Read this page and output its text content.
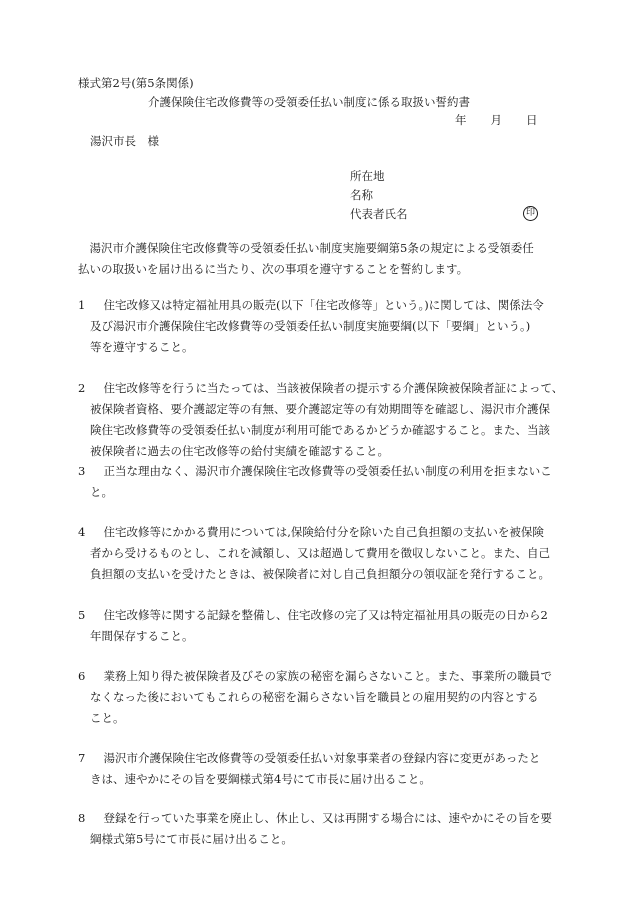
様式第2号(第5条関係)
介護保険住宅改修費等の受領委任払い制度に係る取扱い誓約書
年 月 日
湯沢市長　様
所在地
名称
代表者氏名	印
　湯沢市介護保険住宅改修費等の受領委任払い制度実施要綱第5条の規定による受領委任
払いの取扱いを届け出るに当たり、次の事項を遵守することを誓約します。
1　住宅改修又は特定福祉用具の販売(以下「住宅改修等」という。)に関しては、関係法令
及び湯沢市介護保険住宅改修費等の受領委任払い制度実施要綱(以下「要綱」という。)
等を遵守すること。
2　住宅改修等を行うに当たっては、当該被保険者の提示する介護保険被保険者証によって、
被保険者資格、要介護認定等の有無、要介護認定等の有効期間等を確認し、湯沢市介護保
険住宅改修費等の受領委任払い制度が利用可能であるかどうか確認すること。また、当該
被保険者に過去の住宅改修等の給付実績を確認すること。
3　正当な理由なく、湯沢市介護保険住宅改修費等の受領委任払い制度の利用を拒まないこ
と。
4　住宅改修等にかかる費用については,保険給付分を除いた自己負担額の支払いを被保険
者から受けるものとし、これを減額し、又は超過して費用を徴収しないこと。また、自己
負担額の支払いを受けたときは、被保険者に対し自己負担額分の領収証を発行すること。
5　住宅改修等に関する記録を整備し、住宅改修の完了又は特定福祉用具の販売の日から2
年間保存すること。
6　業務上知り得た被保険者及びその家族の秘密を漏らさないこと。また、事業所の職員で
なくなった後においてもこれらの秘密を漏らさない旨を職員との雇用契約の内容とする
こと。
7　湯沢市介護保険住宅改修費等の受領委任払い対象事業者の登録内容に変更があったと
きは、速やかにその旨を要綱様式第4号にて市長に届け出ること。
8　登録を行っていた事業を廃止し、休止し、又は再開する場合には、速やかにその旨を要
綱様式第5号にて市長に届け出ること。
